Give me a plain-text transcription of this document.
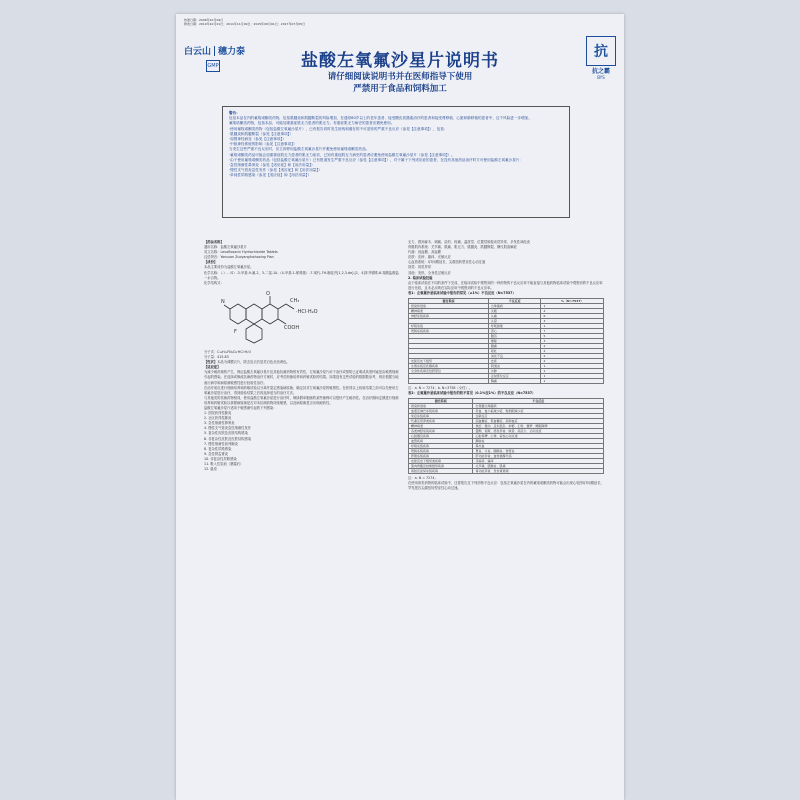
核准日期：2006年10月09日
修改日期：2010年10月01日；2011年11月09日；2015年06月01日；2017年07月05日
白云山 穗力泰
GMP
抗
抗之霸
BYS
盐酸左氧氟沙星片说明书
请仔细阅读说明书并在医师指导下使用
严禁用于食品和饲料加工
警告：
包括本品在内的氟喹诺酮类药物，包括肌腱炎和肌腱断裂的风险增加，在通常60岁以上的老年患者、接受糖皮质激素治疗的患者和接受肾移植、心脏和肺移植的患者中，这个风险进一步增加。
氟喹诺酮类药物，包括本品，可能加重重症肌无力患者的肌无力。有重症肌无力病史的患者应避免使用。
·使用氟喹诺酮类药物（包括盐酸左氧氟沙星片），已有报告同时发生致残和潜在的不可逆转的严重不良反应（参见【注意事项】），包括：
·肌腱炎和肌腱断裂（参见【注意事项】）
·周围神经病变（参见【注意事项】）
·中枢神经系统的影响（参见【注意事项】）
当发生这些严重不良反应时，应立即停用盐酸左氧氟沙星片并避免使用氟喹诺酮类药品。
·氟喹诺酮类药品可能会加重重症肌无力患者的肌无力症状，已知有重症肌无力病史的患者应避免使用盐酸左氧氟沙星片（参见【注意事项】）。
·由于使用氟喹诺酮类药品（包括盐酸左氧氟沙星片）已有报道发生严重不良反应（参见【注意事项】），对于属于下列适应症的患者，在没有其他药品治疗时方可使用盐酸左氧氟沙星片：
·急性细菌性鼻窦炎（参见【适应症】和【用法用量】）
·慢性支气管炎急性发作（参见【适应症】和【用法用量】）
·单纯性尿路感染（参见【适应症】和【用法用量】）
【药品名称】
通用名称：盐酸左氧氟沙星片
英文名称：Levofloxacin Hydrochloride Tablets
汉语拼音：Yansuan Zuoyangfushaxing Pian
【成份】
本品主要成份为盐酸左氧氟沙星。
化学名称：（-）-（S）-3-甲基-9-氟-2，3-二氢-10-（4-甲基-1-哌嗪基）-7-氧代-7H-吡啶并[1,2,3-de]-[1，4]苯并噁嗪-6-羧酸盐酸盐一水合物。
化学结构式：
CH₃
·HCl·H₂O
N
O
COOH
F
分子式：C₁₈H₂₀FN₃O₄·HCl·H₂O
分子量：415.83
【性状】本品为薄膜衣片，除去包衣后显类白色至淡黄色。
【适应症】
为减少耐药菌的产生，保证盐酸左氧氟沙星片及其他抗菌药物的有效性，左氧氟沙星片用于治疗或预防已证明或高度怀疑是由敏感细菌引起的感染。在选择或修改抗菌药物治疗方案时，应考虑细菌培养和药敏试验的结果。如果没有这些试验的数据做参考，则应根据当地流行病学和病原菌敏感性进行经验性治疗。
在治疗前应进行细菌培养和药敏试验以分离并鉴定感染病原菌，确定其对左氧氟沙星的敏感性。在获得以上检验结果之前可以先使用左氧氟沙星进行治疗，得到检验结果之后再选择适当的治疗方法。
与其他类的抗菌药物相同，使用盐酸左氧氟沙星进行治疗时，铜绿假单胞菌的某些菌株可以很快产生耐药性。在治疗期间定期进行细菌培养和药敏试验以掌握病原菌是否对本抗菌药物持续敏感，以及病原菌是否出现耐药性。
盐酸左氧氟沙星片适用于敏感菌引起的下列感染：
1. 医院获得性肺炎
2. 社区获得性肺炎
3. 急性细菌性鼻窦炎
4. 慢性支气管炎急性细菌性发作
5. 复杂性皮肤及皮肤结构感染
6. 非复杂性皮肤及皮肤结构感染
7. 慢性细菌性前列腺炎
8. 复杂性尿路感染
9. 急性肾盂肾炎
10. 非复杂性尿路感染
11. 吸入性炭疽（暴露后）
12. 鼠疫
无力、感到麻木、刺痛、烧灼、疼痛、温度觉、位置觉和振动觉异常、多发性神经炎
骨骼肌肉系统：关节痛、肌痛、肌无力、肌腱炎、肌腱断裂、横纹肌溶解症
代谢：低血糖、高血糖
皮肤：皮疹、瘙痒、光敏反应
心血管系统：QT间期延长、尖端扭转型室性心动过速
视觉：视觉异常
其他：发热、全身性过敏反应
2. 临床试验经验
由于临床试验在不同的条件下完成，在临床试验中观察到的一种药物的不良反应率不能直接与其他药物临床试验中观察到的不良反应率进行比较，且未必反映在实际应用中观察到的不良反应率。
表1：左氧氟沙星临床试验中报告的常见（≥1%）不良反应（N=7537）
器官系统	不良反应	%（N=7537）
感染和侵染	念珠菌病	1
精神病类	失眠	4
神经系统疾病	头痛	6
	头晕	3
呼吸系统	呼吸困难	1
胃肠系统疾病	恶心	7
	腹泻	5
	便秘	3
	腹痛	2
	呕吐	2
	消化不良	2
皮肤及皮下组织	皮疹	2
生殖系统及乳腺疾病	阴道炎	1
全身性疾病及给药部位	水肿	1
	注射部位反应	1
	胸痛	1
注：a. N = 7274；b. N=3758（女性）。
表2：左氧氟沙星临床试验中报告的较不常见（0.1%至1%）的不良反应（N=7537）
器官系统	不良反应
感染和侵染	生殖器念珠菌病
血液及淋巴系统疾病	贫血、血小板减少症、粒细胞减少症
免疫系统疾病	过敏反应
代谢及营养类疾病	高血糖症、低血糖症、高钾血症
精神病类	焦虑、激动、意识混乱、抑郁、幻觉、噩梦、睡眠障碍
各类神经系统疾病	震颤、惊厥、感觉异常、眩晕、高张力、运动过度
心脏器官疾病	心脏停搏、心悸、室性心动过速
血管疾病	静脉炎
呼吸系统疾病	鼻出血
胃肠系统疾病	胃炎、口炎、胰腺炎、食管炎
肝胆系统疾病	肝功能异常、血转氨酶升高
皮肤及皮下组织类疾病	荨麻疹、瘙痒
肌肉骨骼及结缔组织疾病	关节痛、肌腱炎、肌痛
肾脏及泌尿系统疾病	肾功能异常、急性肾衰竭
注：a. N = 7274；
在使用该类药物的临床试验中，还曾报告过下列药物不良反应：包括左氧氟沙星在内的氟喹诺酮类药物可能会出现心电图QT间期延长，罕见报告尖端扭转型室性心动过速。
